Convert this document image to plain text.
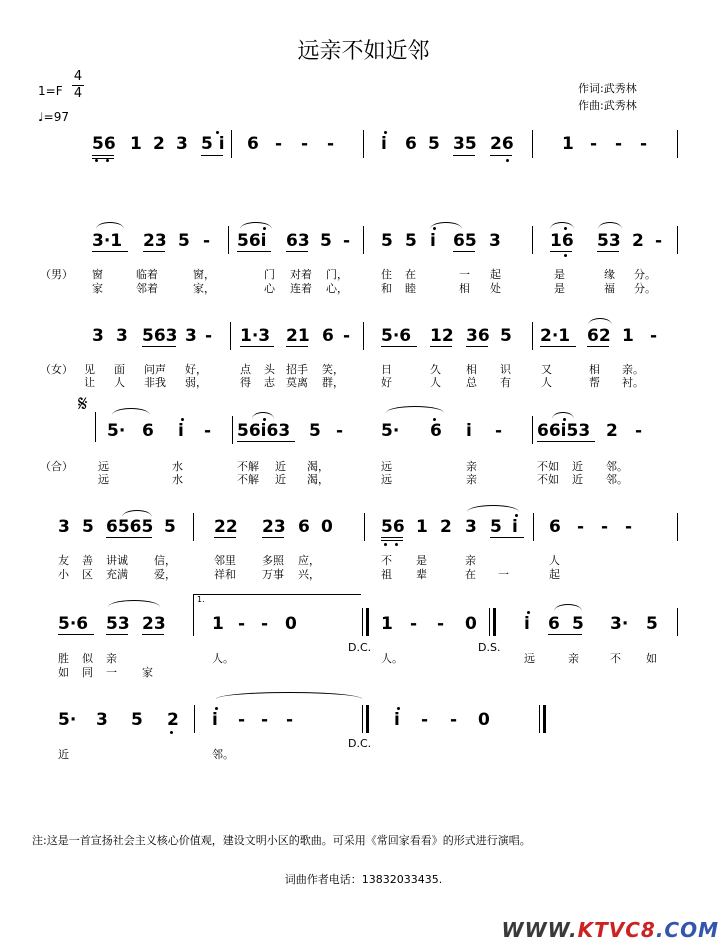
远亲不如近邻
1=F
4
4
♩=97
作词:武秀林
作曲:武秀林
56 1 2 3 5 i 6 - - -	i 6 5 35 26	1 - - -
3·1 23 5 - 56i 63 5 - 5 5 i 65 3	16 53 2 -
（男） 窗	临着	窗，	门 对着 门，	住 在	一 起	是	缘 分。
家	邻着	家，	心 连着 心，	和 睦	相 处	是	福 分。
3 3 563 3 - 1·3 21 6 - 5·6 12 36 5 2·1 62 1 -
（女） 见 面 问声 好，	点 头 招手 笑，	日	久 相 识	又	相 亲。
让 人 非我 弱，	得 志 莫离 群，	好	人 总 有	人	帮 衬。
𝄋
5· 6 i - 56i63 5 - 5· 6 i - 66i53 2 -
（合） 远	水	不解 近 渴，	远	亲	不如 近 邻。
远	水	不解 近 渴，	远	亲	不如 近 邻。
3 5 6565 5 22 23 6 0	56 1 2 3 5 i 6 - - -
友 善 讲诚 信，	邻里 多照 应，	不 是	亲	人
小 区 充满 爱，	祥和 万事 兴，	祖 辈	在 一	起
5·6 53 23
1.
1 - - 0	1 - - 0	i 6 5 3· 5
D.C.	D.S.
胜 似 亲	人。	人。	远	亲	不 如
如 同 一 家
5· 3 5 2 i - - -	i - - 0
D.C.
近	邻。
注:这是一首宣扬社会主义核心价值观，建设文明小区的歌曲。可采用《常回家看看》的形式进行演唱。
词曲作者电话：13832033435.
WWW.KTVC8.COM
